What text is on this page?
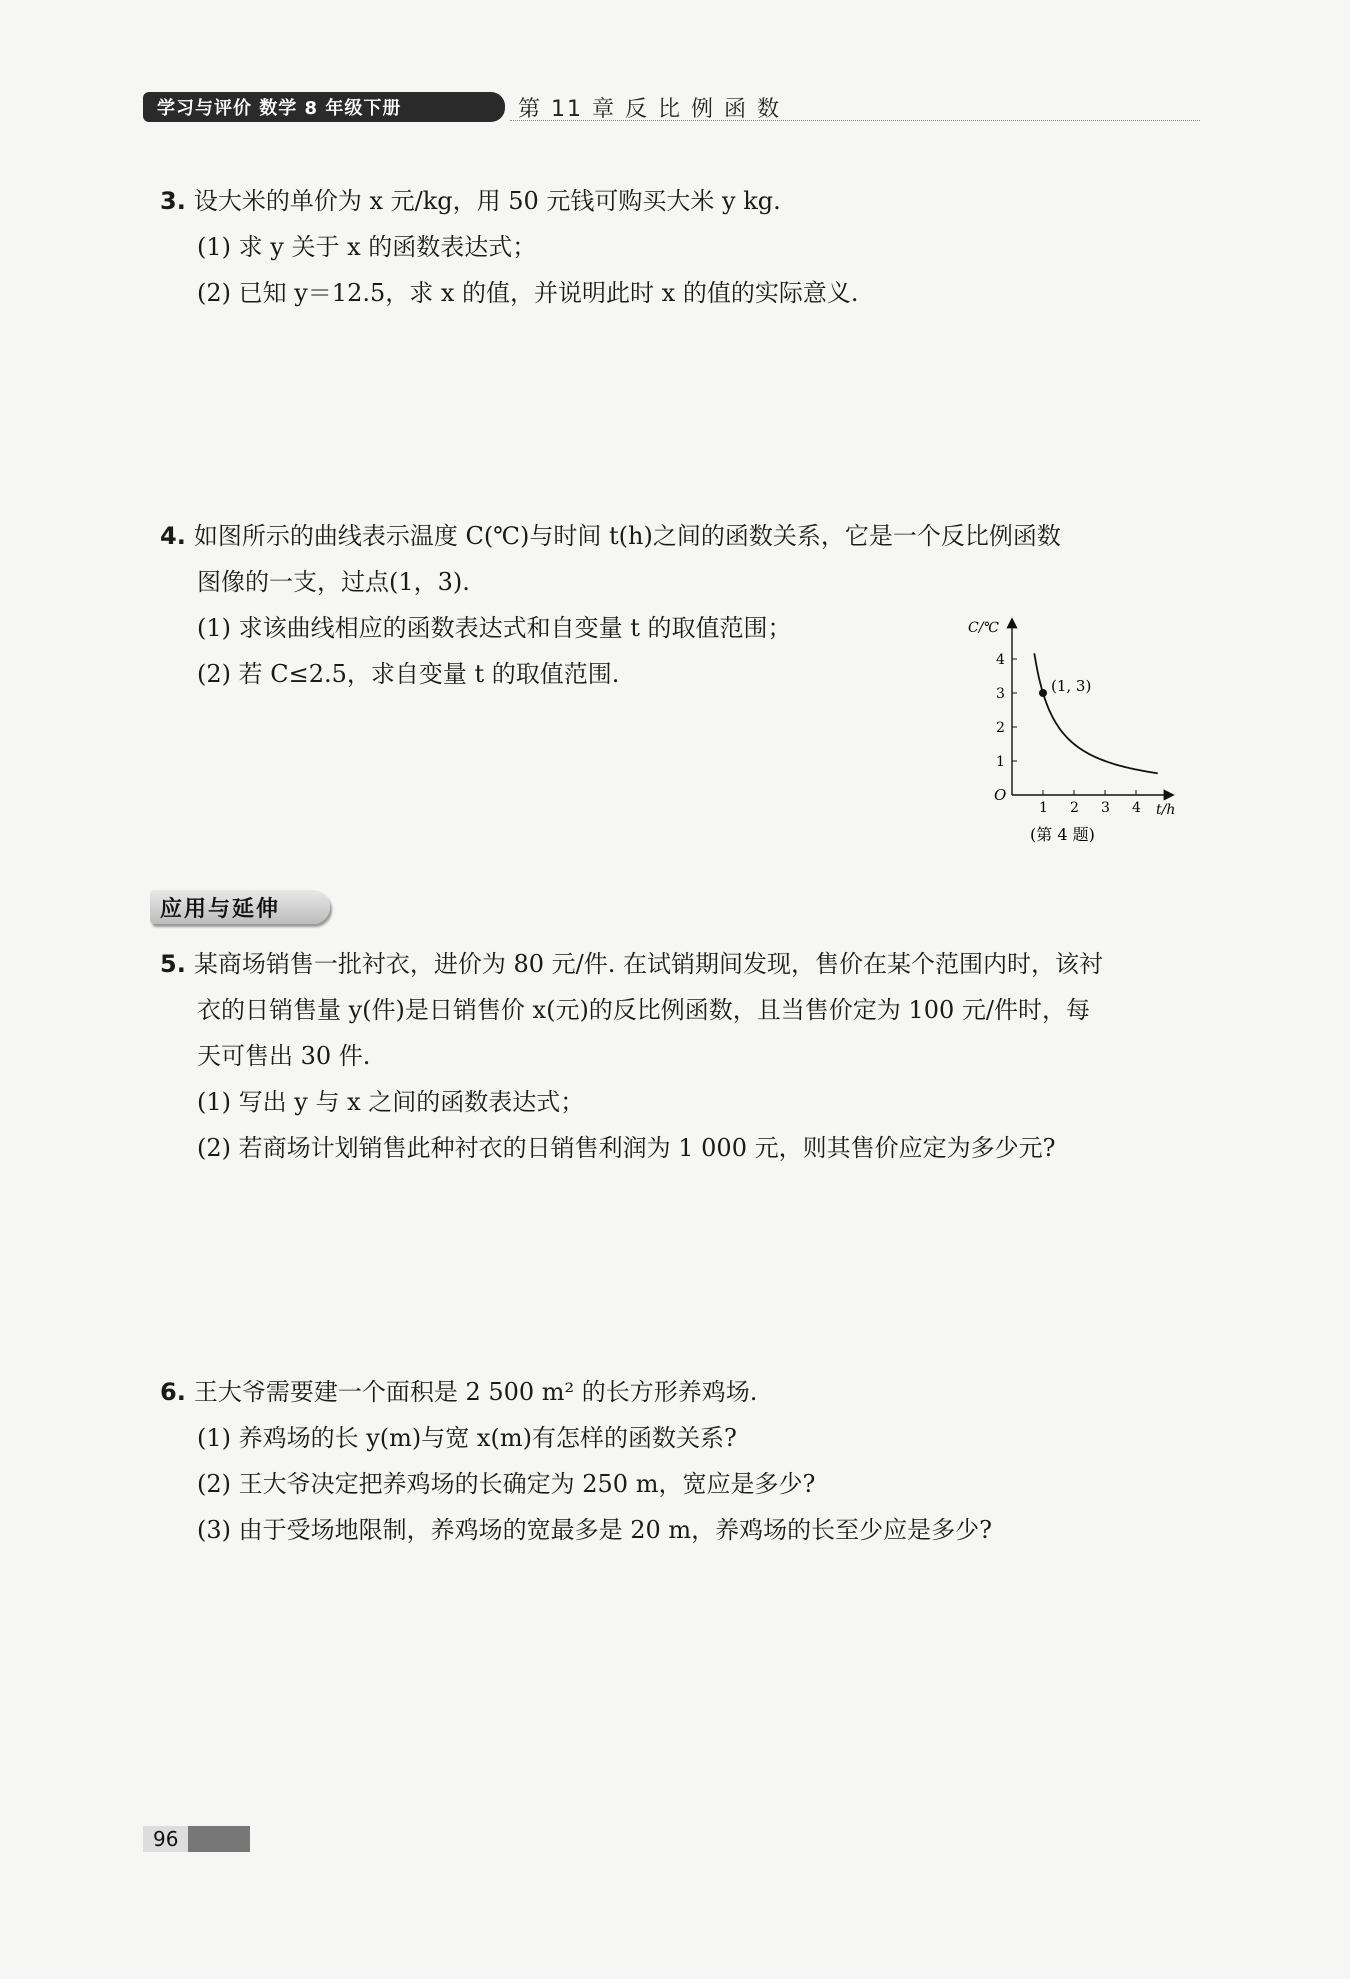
学习与评价 数学 8 年级下册	第 11 章 反 比 例 函 数
3. 设大米的单价为 x 元/kg，用 50 元钱可购买大米 y kg.
(1) 求 y 关于 x 的函数表达式；
(2) 已知 y＝12.5，求 x 的值，并说明此时 x 的值的实际意义.
4. 如图所示的曲线表示温度 C(℃)与时间 t(h)之间的函数关系，它是一个反比例函数
图像的一支，过点(1，3).
(1) 求该曲线相应的函数表达式和自变量 t 的取值范围；
(2) 若 C≤2.5，求自变量 t 的取值范围.
1 2 3 4
1
2
3
4
(1, 3)
C/℃
t/h
O
(第 4 题)
应用与延伸
5. 某商场销售一批衬衣，进价为 80 元/件. 在试销期间发现，售价在某个范围内时，该衬
衣的日销售量 y(件)是日销售价 x(元)的反比例函数，且当售价定为 100 元/件时，每
天可售出 30 件.
(1) 写出 y 与 x 之间的函数表达式；
(2) 若商场计划销售此种衬衣的日销售利润为 1 000 元，则其售价应定为多少元?
6. 王大爷需要建一个面积是 2 500 m² 的长方形养鸡场.
(1) 养鸡场的长 y(m)与宽 x(m)有怎样的函数关系?
(2) 王大爷决定把养鸡场的长确定为 250 m，宽应是多少?
(3) 由于受场地限制，养鸡场的宽最多是 20 m，养鸡场的长至少应是多少?
96
